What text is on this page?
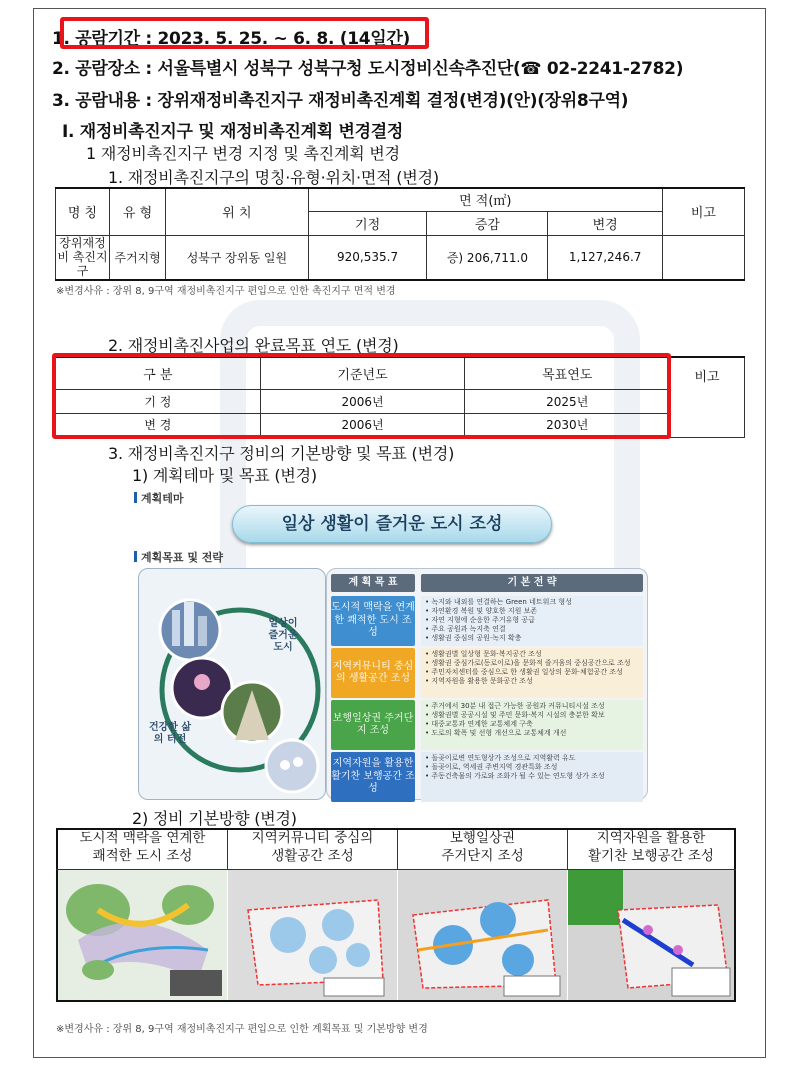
1. 공람기간 : 2023. 5. 25. ~ 6. 8. (14일간)
2. 공람장소 : 서울특별시 성북구 성북구청 도시정비신속추진단(☎ 02-2241-2782)
3. 공람내용 : 장위재정비촉진지구 재정비촉진계획 결정(변경)(안)(장위8구역)
Ⅰ. 재정비촉진지구 및 재정비촉진계획 변경결정
1 재정비촉진지구 변경 지정 및 촉진계획 변경
1. 재정비촉진지구의 명칭·유형·위치·면적 (변경)
명 칭	유 형	위 치	면 적(㎡)			비고
			기정	증감	변경	
장위재정비 촉진지구	주거지형	성북구 장위동 일원	920,535.7	증) 206,711.0	1,127,246.7	
※변경사유 : 장위 8, 9구역 재정비촉진지구 편입으로 인한 촉진지구 면적 변경
2. 재정비촉진사업의 완료목표 연도 (변경)
구 분	기준년도	목표연도	비고
기 정	2006년	2025년	
변 경	2006년	2030년	
3. 재정비촉진지구 정비의 기본방향 및 목표 (변경)
1) 계획테마 및 목표 (변경)
계획테마
일상 생활이 즐거운 도시 조성
계획목표 및 전략
일상이 즐거운 도시
건강한 삶의 터전
계 획 목 표	기 본 전 략
도시적 맥락을 연계한 쾌적한 도시 조성
• 녹지와 내외를 연결하는 Green 네트워크 형성
• 자연환경 복원 및 양호한 지원 보존
• 자연 지형에 순응한 주거유형 공급
• 주요 공원과 녹지축 연결
• 생활권 중심의 공원·녹지 확충
지역커뮤니티 중심의 생활공간 조성
• 생활권별 일상형 문화·복지공간 조성
• 생활권 중심가로(동로이로)을 문화적 즐거움의 중심공간으로 조성
• 주민자치센터를 중심으로 한 생활권 일상의 문화·체험공간 조성
• 지역자원을 활용한 문화공간 조성
보행일상권 주거단지 조성
• 주거에서 30분 내 접근 가능한 공원과 커뮤니티시설 조성
• 생활권별 공공시설 및 주민 문화·복지 시설의 충분한 확보
• 대중교통과 연계한 교통체계 구축
• 도로의 확폭 및 선형 개선으로 교통체계 개선
지역자원을 활용한 활기찬 보행공간 조성
• 돌곶이로변 연도형상가 조성으로 지역활력 유도
• 돌곶이로, 역세권 주변지역 경관특화 조성
• 주동건축물의 가로와 조화가 될 수 있는 연도형 상가 조성
2) 정비 기본방향 (변경)
도시적 맥락을 연계한
쾌적한 도시 조성
지역커뮤니티 중심의
생활공간 조성
보행일상권
주거단지 조성
지역자원을 활용한
활기찬 보행공간 조성
※변경사유 : 장위 8, 9구역 재정비촉진지구 편입으로 인한 계획목표 및 기본방향 변경
